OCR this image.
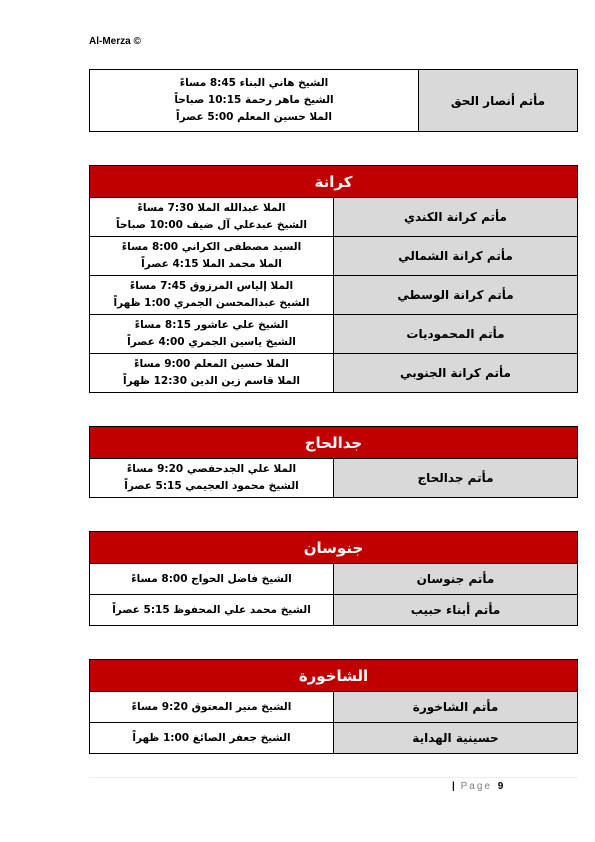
Al-Merza ©
الشيخ هاني البناء 8:45 مساءً
الشيخ ماهر رحمة 10:15 صباحاً
الملا حسين المعلم 5:00 عصراً
	مأتم أنصار الحق
كرانة	

الملا عبدالله الملا 7:30 مساءً
الشيخ عبدعلي آل ضيف 10:00 صباحاً	مأتم كرانة الكندي

السيد مصطفى الكراني 8:00 مساءً
الملا محمد الملا 4:15 عصراً	مأتم كرانة الشمالي

الملا إلياس المرزوق 7:45 مساءً
الشيخ عبدالمحسن الجمري 1:00 ظهراً	مأتم كرانة الوسطي

الشيخ علي عاشور 8:15 مساءً
الشيخ ياسين الجمري 4:00 عصراً	مأتم المحموديات

الملا حسين المعلم 9:00 مساءً
الملا قاسم زين الدين 12:30 ظهراً	مأتم كرانة الجنوبي
جدالحاج

الملا علي الجدحفصي 9:20 مساءً
الشيخ محمود العجيمي 5:15 عصراً
	مأتم جدالحاج
جنوسان	

الشيخ فاضل الحواج 8:00 مساءً	مأتم جنوسان

الشيخ محمد علي المحفوظ 5:15 عصراً	مأتم أبناء حبيب
الشاخورة	

الشيخ منير المعتوق 9:20 مساءً	مأتم الشاخورة

الشيخ جعفر الصائغ 1:00 ظهراً	حسينية الهداية
| Page 9
